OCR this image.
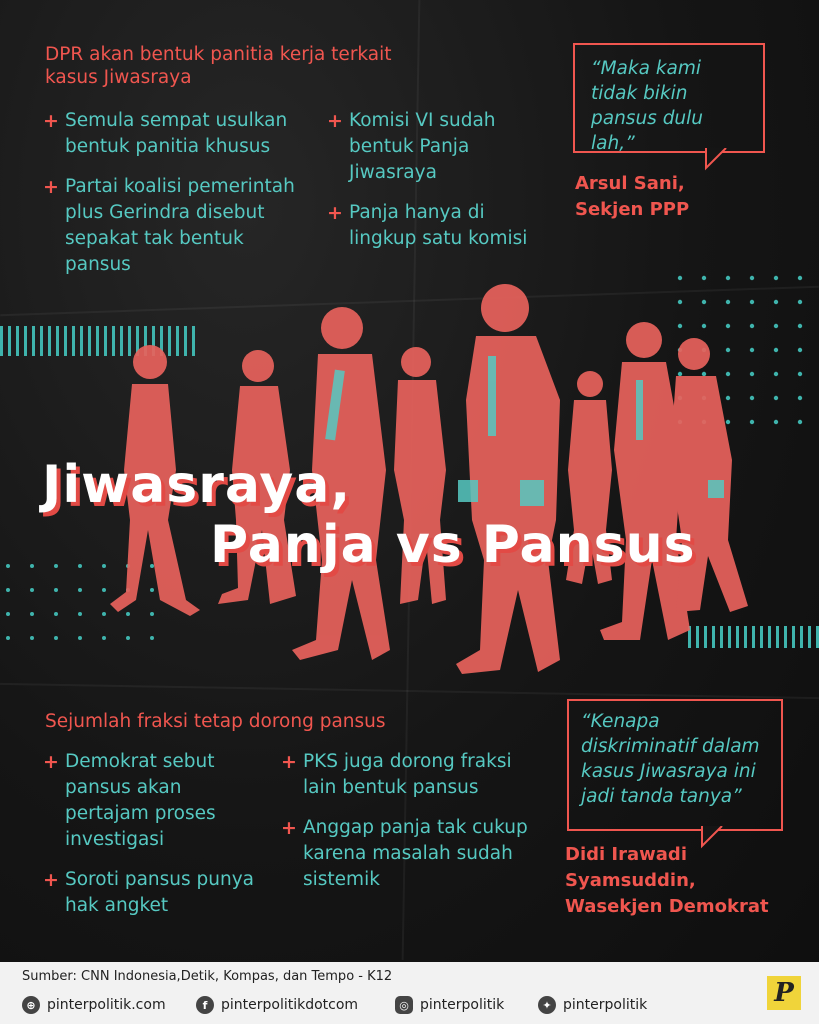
DPR akan bentuk panitia kerja terkait
kasus Jiwasraya
+ Semula sempat usulkan bentuk panitia khusus
+ Partai koalisi pemerintah plus Gerindra disebut sepakat tak bentuk pansus
+ Komisi VI sudah bentuk Panja Jiwasraya
+ Panja hanya di lingkup satu komisi
“Maka kami tidak bikin pansus dulu lah,”
Arsul Sani,
Sekjen PPP
Jiwasraya,
Panja vs Pansus
Sejumlah fraksi tetap dorong pansus
+ Demokrat sebut pansus akan pertajam proses investigasi
+ Soroti pansus punya hak angket
+ PKS juga dorong fraksi lain bentuk pansus
+ Anggap panja tak cukup karena masalah sudah sistemik
“Kenapa diskriminatif dalam kasus Jiwasraya ini jadi tanda tanya”
Didi Irawadi
Syamsuddin,
Wasekjen Demokrat
Sumber: CNN Indonesia,Detik, Kompas, dan Tempo - K12
⊕ pinterpolitik.com	f pinterpolitikdotcom	◎ pinterpolitik	✦ pinterpolitik	P
